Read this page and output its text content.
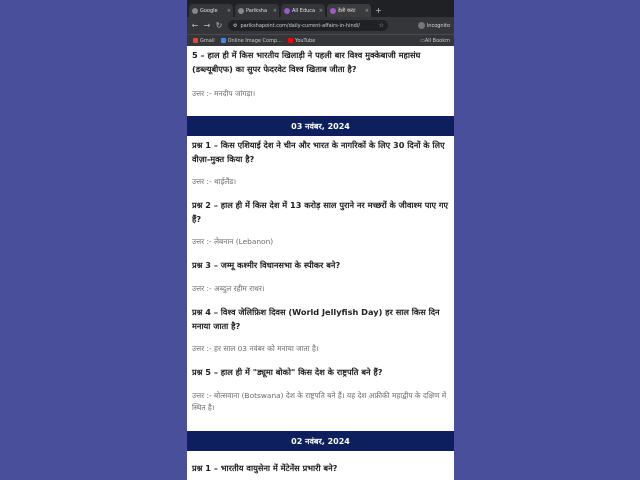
Google ×	Pariksha ×	All Educa ×	डेली करंट × +
← → ↻ ⚙ parikshapoint.com/daily-current-affairs-in-hindi/	☆	Incognito
Gmail	Online Image Comp...	YouTube	▭ All Bookm
5 – हाल ही में किस भारतीय खिलाड़ी ने पहली बार विश्व मुक्केबाजी महासंघ (डब्ल्यूबीएफ) का सुपर फेदरवेट विश्व खिताब जीता है?
उत्तर :- मनदीप जांगड़ा।
03 नवंबर, 2024
प्रश्न 1 – किस एशियाई देश ने चीन और भारत के नागरिकों के लिए 30 दिनों के लिए वीज़ा-मुक्त किया है?
उत्तर :- थाईलैंड।
प्रश्न 2 – हाल ही में किस देश में 13 करोड़ साल पुराने नर मच्छरों के जीवाश्म पाए गए हैं?
उत्तर :- लेबनान (Lebanon)
प्रश्न 3 – जम्मू कश्मीर विधानसभा के स्पीकर बने?
उत्तर :- अब्दुल रहीम राथर।
प्रश्न 4 – विश्व जेलिफ़िश दिवस (World Jellyfish Day) हर साल किस दिन मनाया जाता है?
उत्तर :- हर साल 03 नवंबर को मनाया जाता है।
प्रश्न 5 – हाल ही में "ड्यूमा बोको" किस देश के राष्ट्रपति बने हैं?
उत्तर :- बोत्सवाना (Botswana) देश के राष्ट्रपति बने हैं। यह देश अफ्रीकी महाद्वीप के दक्षिण में स्थित है।
02 नवंबर, 2024
प्रश्न 1 – भारतीय वायुसेना में मेंटेनेंस प्रभारी बने?
